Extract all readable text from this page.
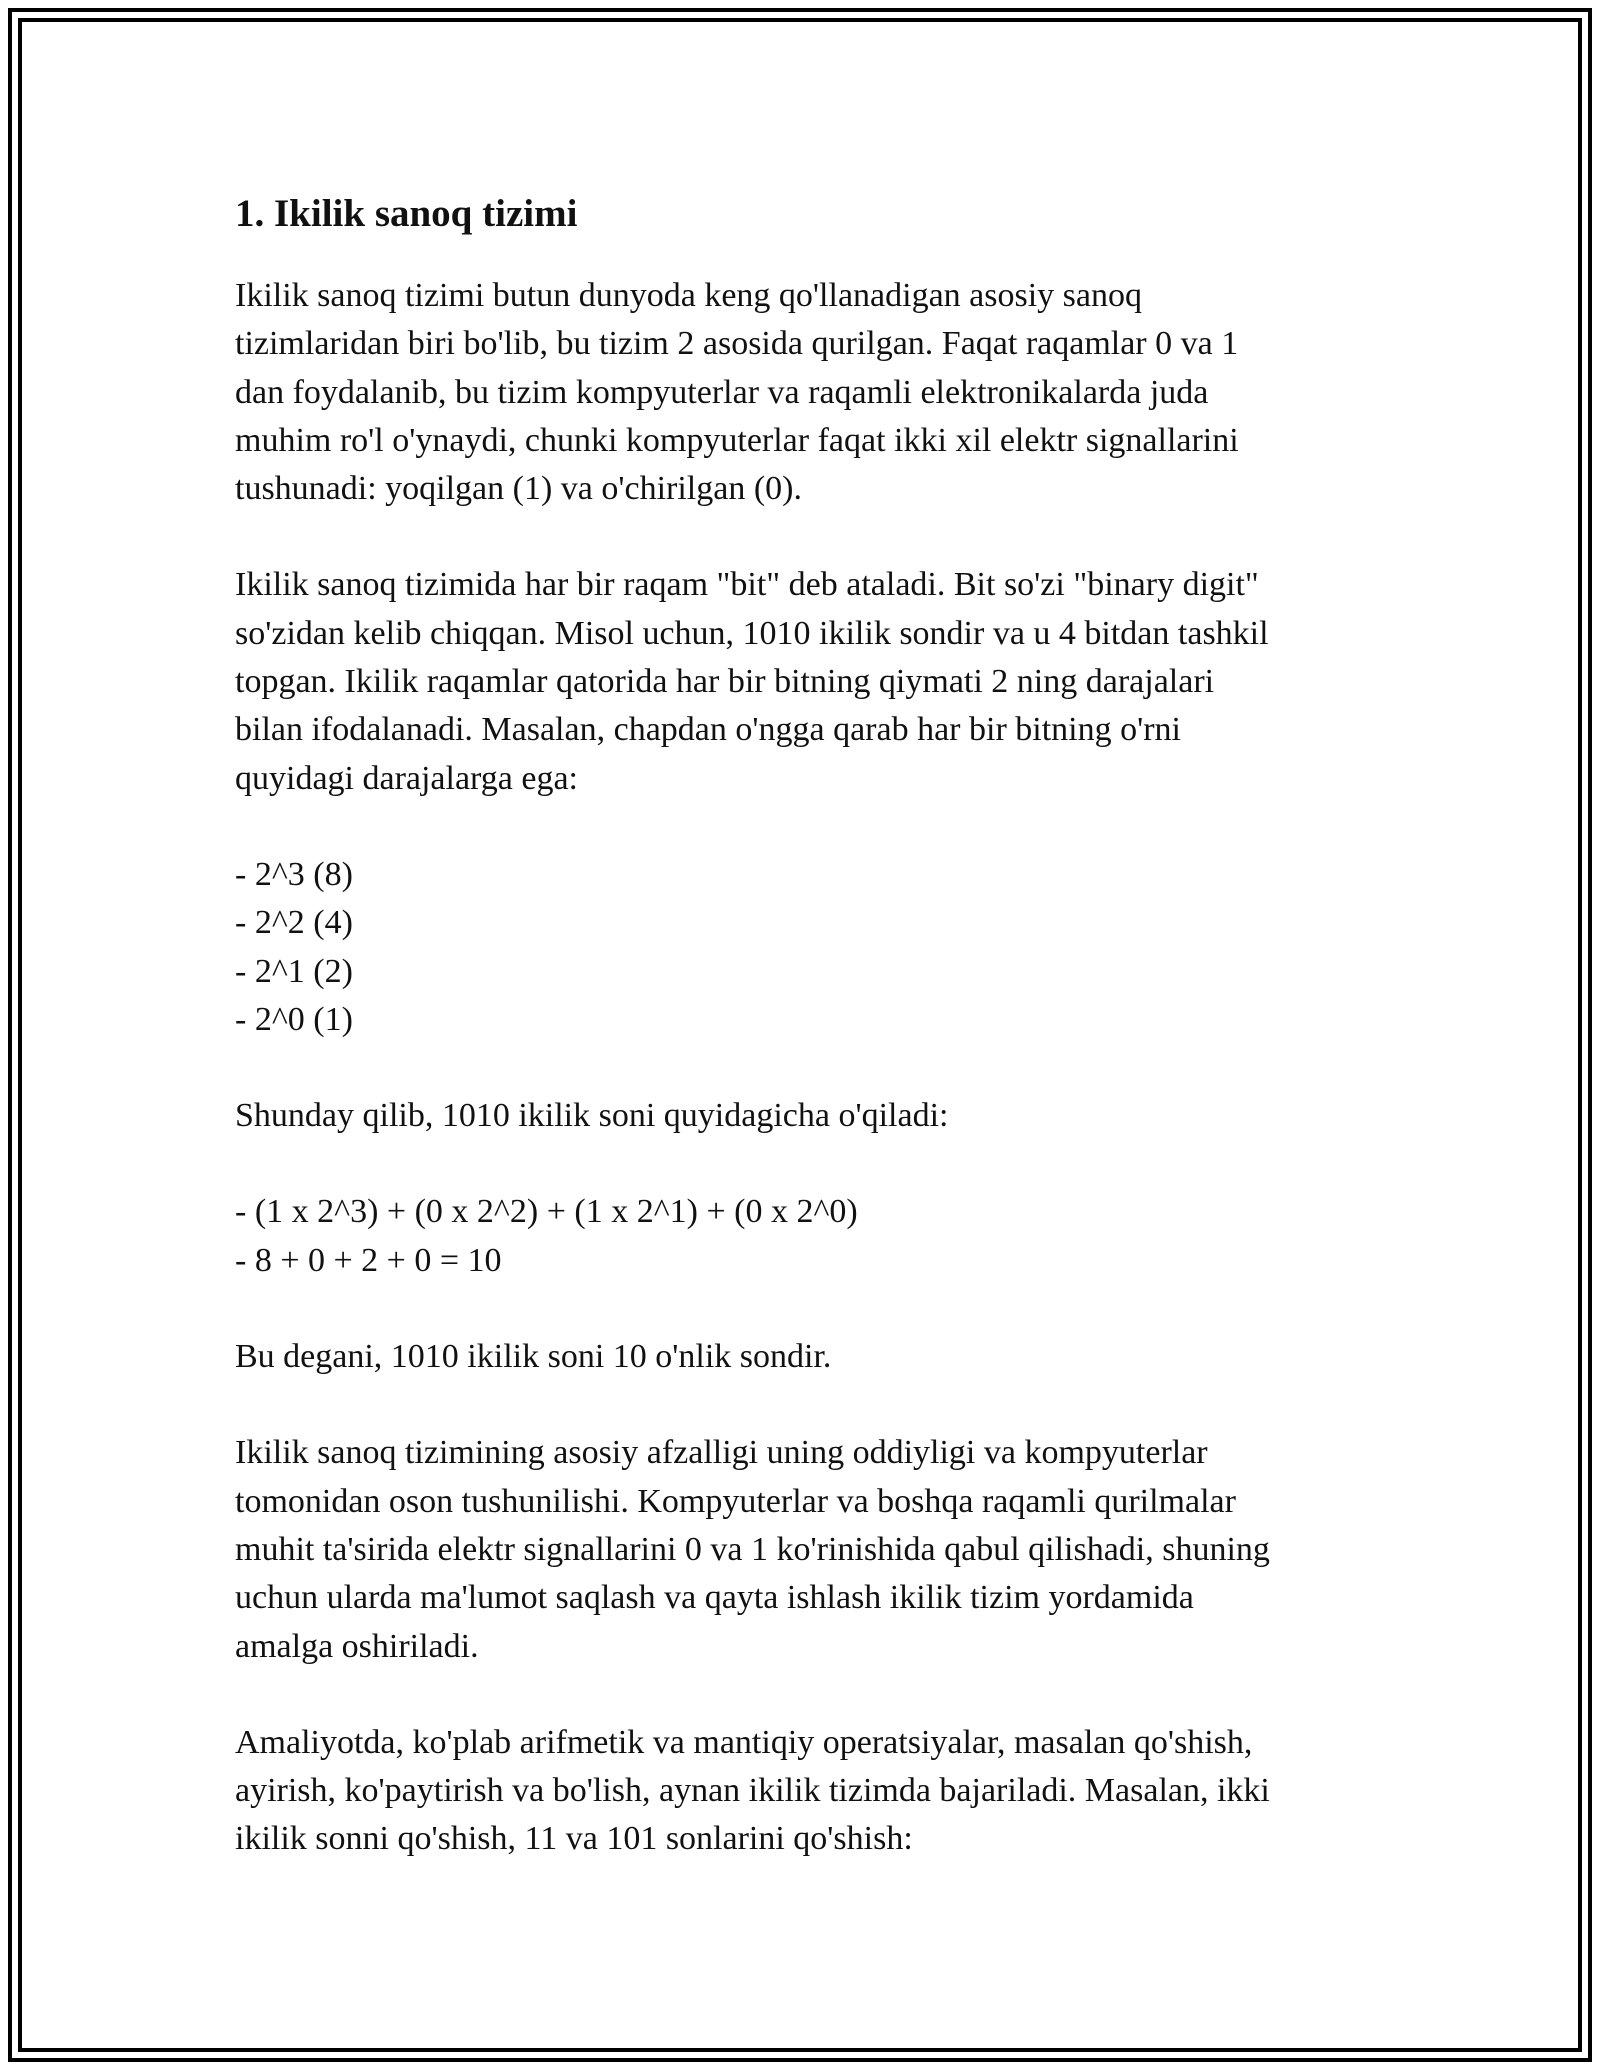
1. Ikilik sanoq tizimi

Ikilik sanoq tizimi butun dunyoda keng qo'llanadigan asosiy sanoq
tizimlaridan biri bo'lib, bu tizim 2 asosida qurilgan. Faqat raqamlar 0 va 1
dan foydalanib, bu tizim kompyuterlar va raqamli elektronikalarda juda
muhim ro'l o'ynaydi, chunki kompyuterlar faqat ikki xil elektr signallarini
tushunadi: yoqilgan (1) va o'chirilgan (0).

Ikilik sanoq tizimida har bir raqam "bit" deb ataladi. Bit so'zi "binary digit"
so'zidan kelib chiqqan. Misol uchun, 1010 ikilik sondir va u 4 bitdan tashkil
topgan. Ikilik raqamlar qatorida har bir bitning qiymati 2 ning darajalari
bilan ifodalanadi. Masalan, chapdan o'ngga qarab har bir bitning o'rni
quyidagi darajalarga ega:

- 2^3 (8)
- 2^2 (4)
- 2^1 (2)
- 2^0 (1)

Shunday qilib, 1010 ikilik soni quyidagicha o'qiladi:

- (1 x 2^3) + (0 x 2^2) + (1 x 2^1) + (0 x 2^0)
- 8 + 0 + 2 + 0 = 10

Bu degani, 1010 ikilik soni 10 o'nlik sondir.

Ikilik sanoq tizimining asosiy afzalligi uning oddiyligi va kompyuterlar
tomonidan oson tushunilishi. Kompyuterlar va boshqa raqamli qurilmalar
muhit ta'sirida elektr signallarini 0 va 1 ko'rinishida qabul qilishadi, shuning
uchun ularda ma'lumot saqlash va qayta ishlash ikilik tizim yordamida
amalga oshiriladi.

Amaliyotda, ko'plab arifmetik va mantiqiy operatsiyalar, masalan qo'shish,
ayirish, ko'paytirish va bo'lish, aynan ikilik tizimda bajariladi. Masalan, ikki
ikilik sonni qo'shish, 11 va 101 sonlarini qo'shish:
